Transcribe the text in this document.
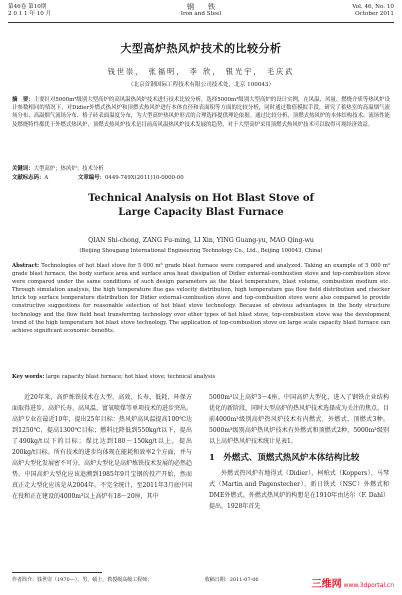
第46卷 第10期
2 0 1 1 年 10 月
钢　　铁
Iron and Steel
Vol. 46, No. 10
October 2011
大型高炉热风炉技术的比较分析
钱世崇， 张福明， 李 欣， 银光宇， 毛庆武
（北京首钢国际工程技术有限公司技术处，北京 100043）
摘　要：主要针对5000m³级别大型高炉的高风温热风炉技术进行技术比较分析，选择5000m³级别大型高炉的设计实例，在风温、风量、燃烧介质等热风炉设计参数相同的情况下，对Didier外燃式热风炉和顶燃式热风炉进行本体直径和表面积等方面的比较分析，同时通过数值模拟手段，研究了蓄热室的高温烟气流场分布、高温烟气流场分布、格子砖表面温度分布，为大型高炉热风炉形式的合理选择提供理论依据。通过比较分析，顶燃式热风炉的本体结构技术、流场性能及燃烧特性都优于外燃式热风炉，顶燃式热风炉技术是目前高风温热风炉技术发展的趋势，对于大型高炉采用顶燃式热风炉技术可以取得可观经济效益。
关键词：大型高炉；热风炉；技术分析
文献标志码：A	文章编号：0449-749X(2011)10-0000-00
Technical Analysis on Hot Blast Stove of
Large Capacity Blast Furnace
QIAN Shi-chong, ZANG Fu-ming, LI Xin, YING Guang-yu, MAO Qing-wu
(Beijing Shougang International Engineering Technology Co., Ltd., Beijing 100043, China)
Abstract: Technologies of hot blast stove for 5 000 m³ grade blast furnace were compared and analyzed. Taking an example of 5 000 m³ grade blast furnace, the body surface area and surface area heat dissipation of Didier external-combustion stove and top-combustion stove were compared under the same conditions of such design parameters as the blast temperature, blast volume, combustion medium etc. Through simulation analysis, the high temperature flue gas velocity distribution, high temperature gas flow field distribution and checker brick top surface temperature distribution for Didier external-combustion stove and top-combustion stove were also compared to provide constructive suggestions for reasonable selection of hot blast stove technology. Because of obvious advantages in the body structure technology and the flow field heat transferring technology over other types of hot blast stove, top-combustion stove was the development trend of the high temperature hot blast stove technology. The application of top-combustion stove on large scale capacity blast furnace can achieve significant economic benefits.
Key words: large capacity blast furnace; hot blast stove; technical analysis

近20年来，高炉炼铁技术在大型、高效、长寿、低耗、环保方面取得进步，高炉长寿、高风温、富氧喷煤等单项技术的进步突出。高炉专业在最近10年，提出25年目标：热风炉高风温提高100℃达到1250℃，提高1300℃目标；燃料比降低到550kg/t以下，提出了490kg/t以下的目标；煤比达到180～150kg/t以上，提出200kg/t目标。所有技术的进步均体现在能耗和效率2个方面，并与高炉大型化发展密不可分，高炉大型化是高炉炼铁技术发展的必然趋势。中国高炉大型化应该追溯到1985年9月宝钢的投产开始，然而真正走大型化应该是从2004年。不完全统计，至2011年3月底中国在役和正在建设的4000m³以上高炉有18～20座，其中

5000m³以上高炉3～4座。中国高炉大型化，进入了钢铁企业结构优化的新阶段，同时大型高炉的热风炉技术选择成为关注的焦点。目前4000m³级别高炉热风炉技术有内燃式、外燃式、顶燃式3种。5000m³级别高炉热风炉技术有外燃式和顶燃式2种，5000m³级别以上高炉热风炉技术统计见表1。

1　外燃式、顶燃式热风炉本体结构比较

外燃式热风炉有地得式（Didier）、柯柏式（Koppers）、马琴式（Martin and Pagenstecher）、新日铁式（NSC）外燃式和DME外燃式。外燃式热风炉的构想是在1910年由达尔（F. Dahl）提出，1928年首先

作者简介：钱世崇（1970—），男，硕士，教授级高级工程师；　　　　　　　　　　　收稿日期：2011-07-06	三维网 www.3dportal.cn
